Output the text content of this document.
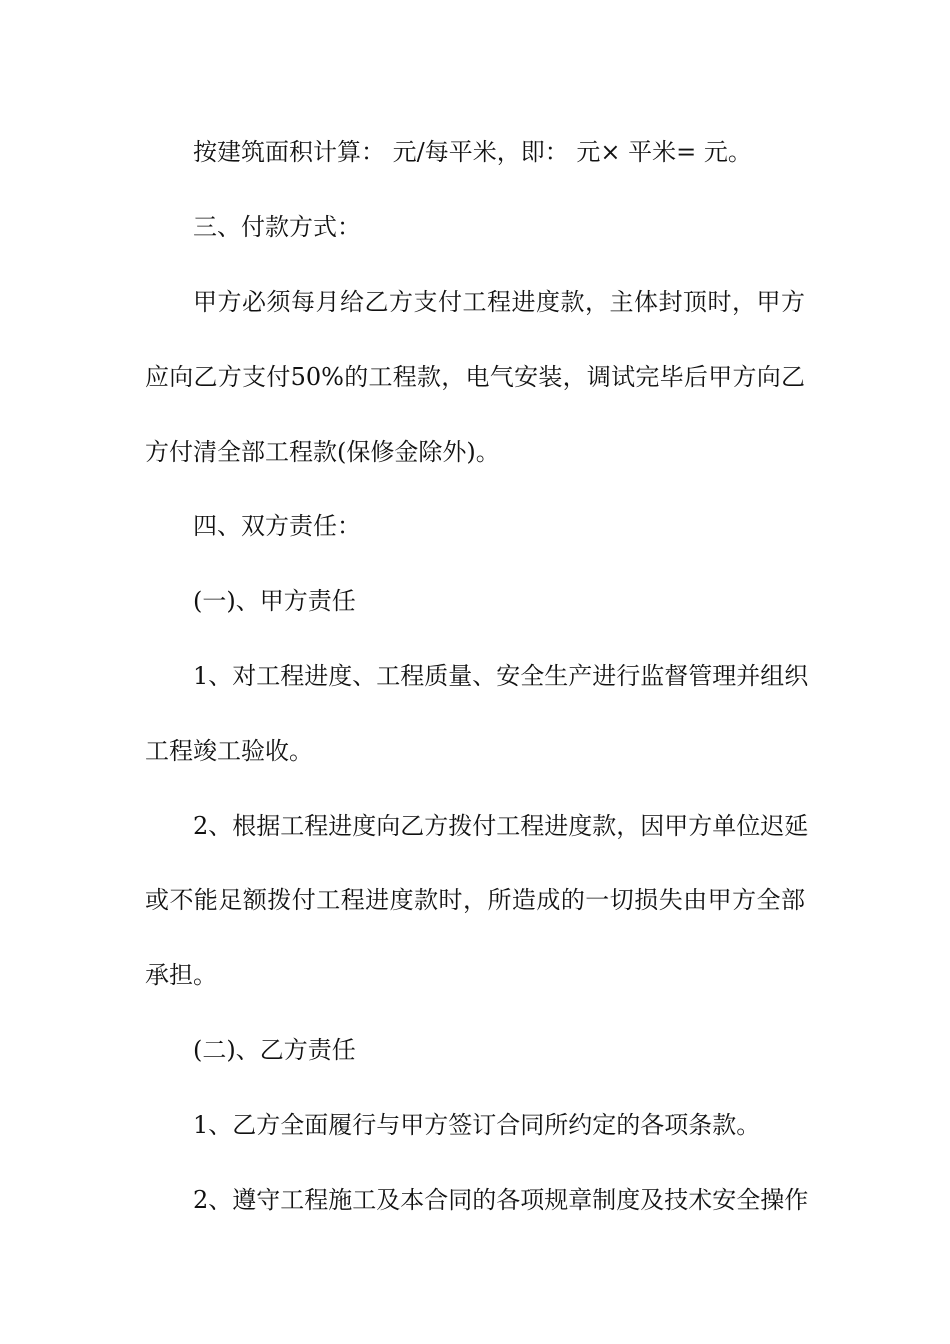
按建筑面积计算： 元/每平米，即： 元× 平米= 元。
三、付款方式：
甲方必须每月给乙方支付工程进度款，主体封顶时，甲方
应向乙方支付50%的工程款，电气安装，调试完毕后甲方向乙
方付清全部工程款(保修金除外)。
四、双方责任：
(一)、甲方责任
1、对工程进度、工程质量、安全生产进行监督管理并组织
工程竣工验收。
2、根据工程进度向乙方拨付工程进度款，因甲方单位迟延
或不能足额拨付工程进度款时，所造成的一切损失由甲方全部
承担。
(二)、乙方责任
1、乙方全面履行与甲方签订合同所约定的各项条款。
2、遵守工程施工及本合同的各项规章制度及技术安全操作
